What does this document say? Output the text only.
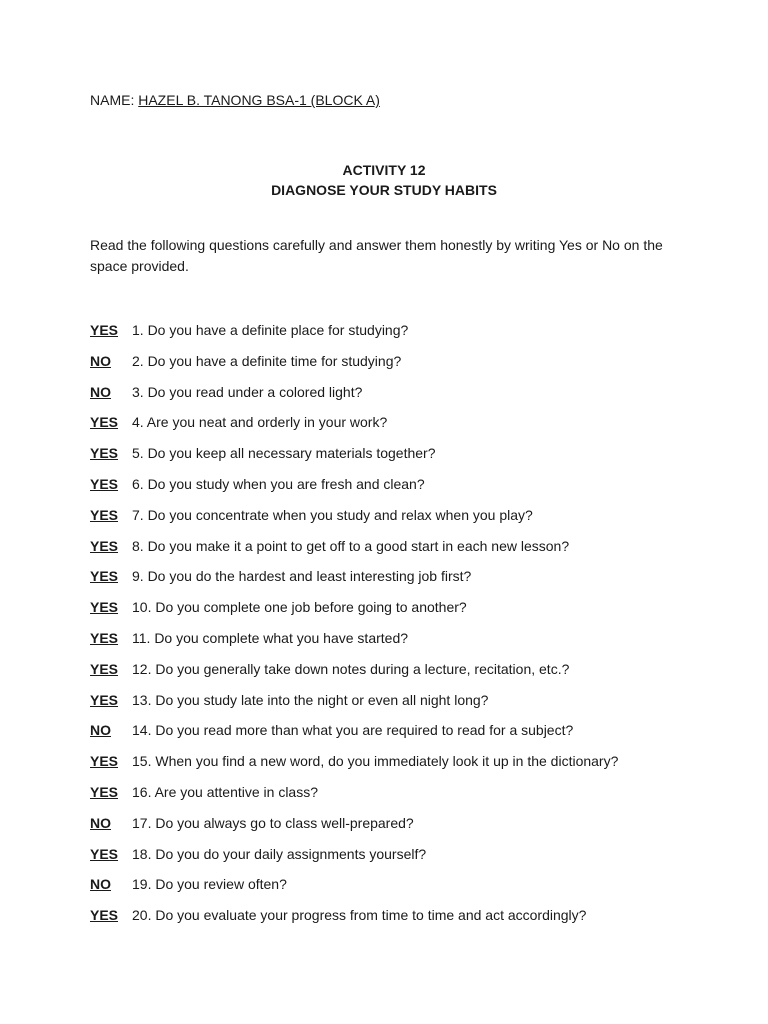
NAME: HAZEL B. TANONG BSA-1 (BLOCK A)
ACTIVITY 12
DIAGNOSE YOUR STUDY HABITS
Read the following questions carefully and answer them honestly by writing Yes or No on the space provided.
YES 1. Do you have a definite place for studying?
NO 2. Do you have a definite time for studying?
NO 3. Do you read under a colored light?
YES 4. Are you neat and orderly in your work?
YES 5. Do you keep all necessary materials together?
YES 6. Do you study when you are fresh and clean?
YES 7. Do you concentrate when you study and relax when you play?
YES 8. Do you make it a point to get off to a good start in each new lesson?
YES 9. Do you do the hardest and least interesting job first?
YES 10. Do you complete one job before going to another?
YES 11. Do you complete what you have started?
YES 12. Do you generally take down notes during a lecture, recitation, etc.?
YES 13. Do you study late into the night or even all night long?
NO 14. Do you read more than what you are required to read for a subject?
YES 15. When you find a new word, do you immediately look it up in the dictionary?
YES 16. Are you attentive in class?
NO 17. Do you always go to class well-prepared?
YES 18. Do you do your daily assignments yourself?
NO 19. Do you review often?
YES 20. Do you evaluate your progress from time to time and act accordingly?
